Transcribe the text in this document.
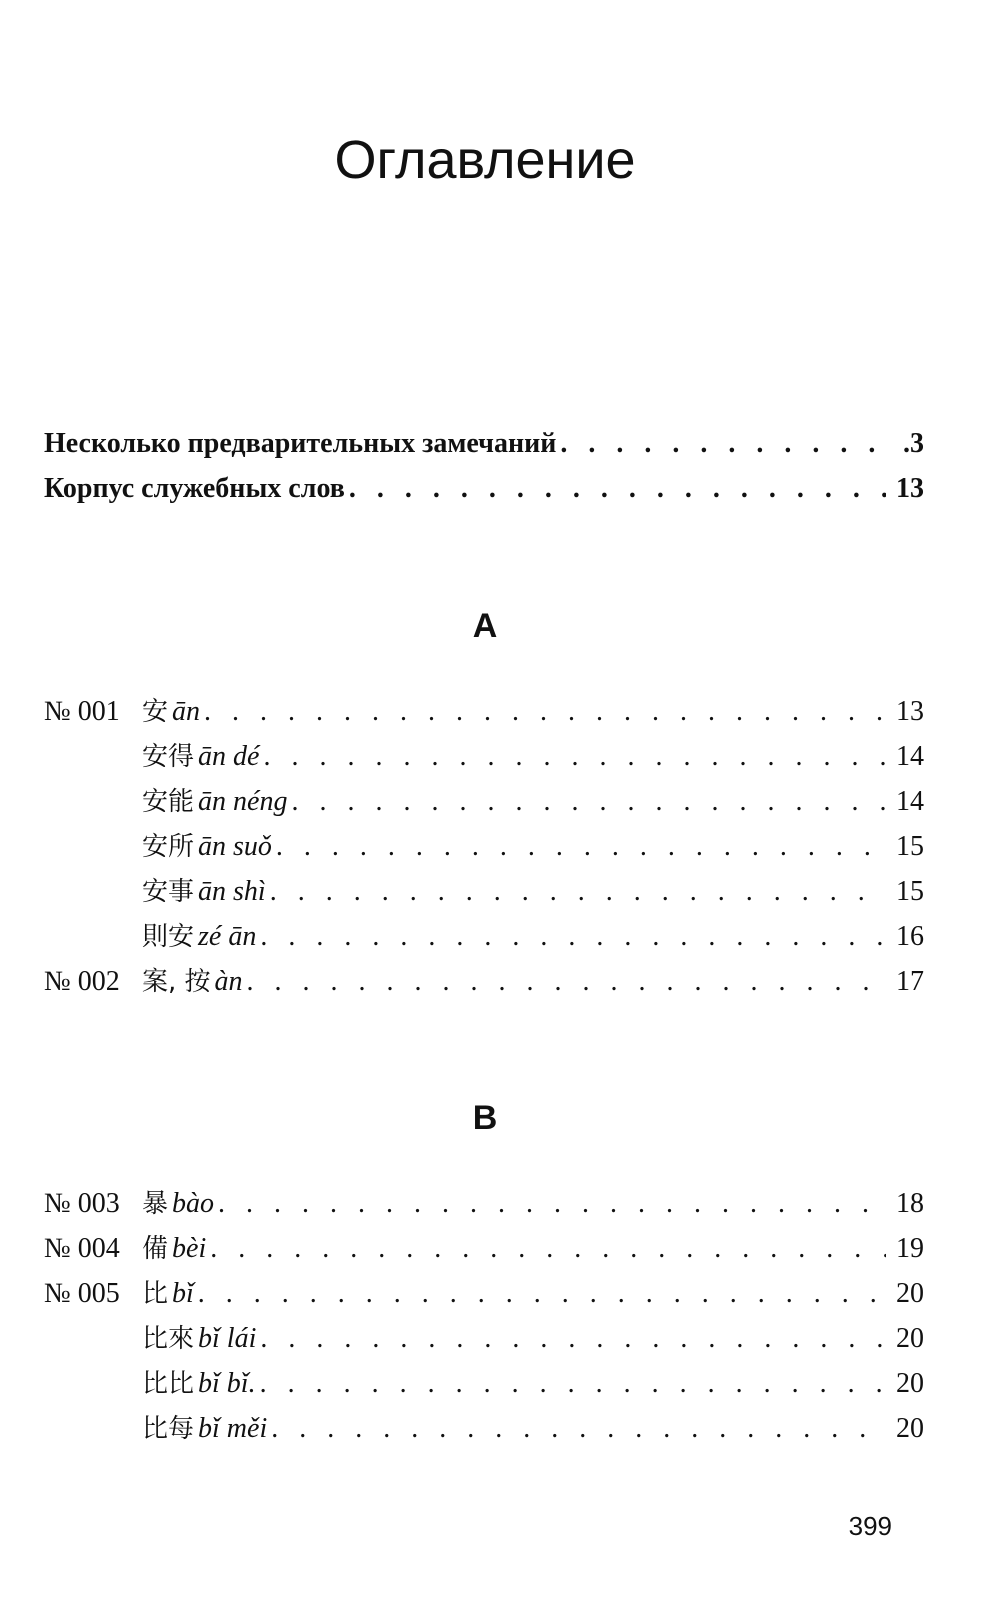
Оглавление
Несколько предварительных замечаний . . .	.3
Корпус служебных слов . . .	13
A
№ 001 安 ān . . .	13
安得 ān dé . . .	14
安能 ān néng . . .	14
安所 ān suǒ . . .	15
安事 ān shì . . .	15
則安 zé ān . . .	16
№ 002 案, 按 àn . . .	17
B
№ 003 暴 bào . . .	18
№ 004 備 bèi . . .	19
№ 005 比 bǐ . . .	20
比來 bǐ lái . . .	20
比比 bǐ bǐ. . . .	20
比每 bǐ měi . . .	20
399
